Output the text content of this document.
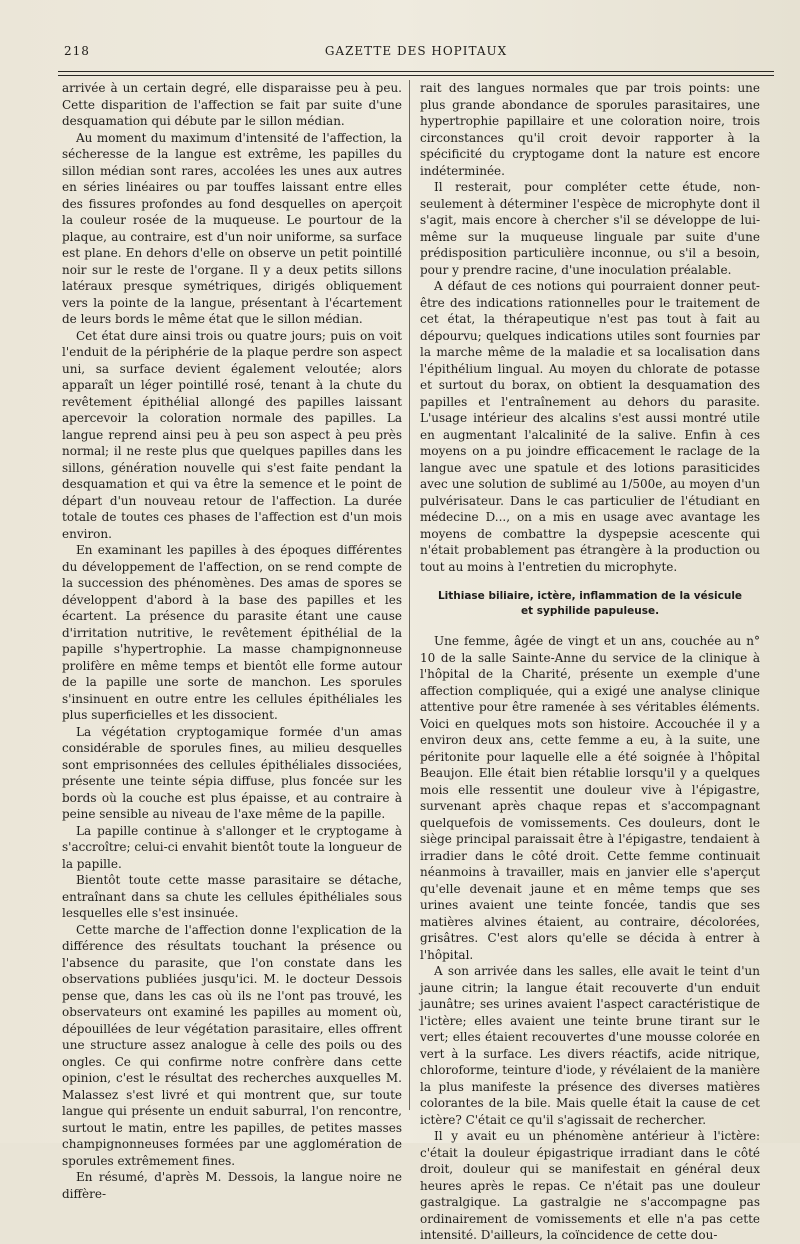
218	GAZETTE DES HOPITAUX

arrivée à un certain degré, elle disparaisse peu à peu. Cette disparition de l'affection se fait par suite d'une desquamation qui débute par le sillon médian.

Au moment du maximum d'intensité de l'affection, la sécheresse de la langue est extrême, les papilles du sillon médian sont rares, accolées les unes aux autres en séries linéaires ou par touffes laissant entre elles des fissures profondes au fond desquelles on aperçoit la couleur rosée de la muqueuse. Le pourtour de la plaque, au contraire, est d'un noir uniforme, sa surface est plane. En dehors d'elle on observe un petit pointillé noir sur le reste de l'organe. Il y a deux petits sillons latéraux presque symétriques, dirigés obliquement vers la pointe de la langue, présentant à l'écartement de leurs bords le même état que le sillon médian.

Cet état dure ainsi trois ou quatre jours; puis on voit l'enduit de la périphérie de la plaque perdre son aspect uni, sa surface devient également veloutée; alors apparaît un léger pointillé rosé, tenant à la chute du revêtement épithélial allongé des papilles laissant apercevoir la coloration normale des papilles. La langue reprend ainsi peu à peu son aspect à peu près normal; il ne reste plus que quelques papilles dans les sillons, génération nouvelle qui s'est faite pendant la desquamation et qui va être la semence et le point de départ d'un nouveau retour de l'affection. La durée totale de toutes ces phases de l'affection est d'un mois environ.

En examinant les papilles à des époques différentes du développement de l'affection, on se rend compte de la succession des phénomènes. Des amas de spores se développent d'abord à la base des papilles et les écartent. La présence du parasite étant une cause d'irritation nutritive, le revêtement épithélial de la papille s'hypertrophie. La masse champignonneuse prolifère en même temps et bientôt elle forme autour de la papille une sorte de manchon. Les sporules s'insinuent en outre entre les cellules épithéliales les plus superficielles et les dissocient.

La végétation cryptogamique formée d'un amas considérable de sporules fines, au milieu desquelles sont emprisonnées des cellules épithéliales dissociées, présente une teinte sépia diffuse, plus foncée sur les bords où la couche est plus épaisse, et au contraire à peine sensible au niveau de l'axe même de la papille.

La papille continue à s'allonger et le cryptogame à s'accroître; celui-ci envahit bientôt toute la longueur de la papille.

Bientôt toute cette masse parasitaire se détache, entraînant dans sa chute les cellules épithéliales sous lesquelles elle s'est insinuée.

Cette marche de l'affection donne l'explication de la différence des résultats touchant la présence ou l'absence du parasite, que l'on constate dans les observations publiées jusqu'ici. M. le docteur Dessois pense que, dans les cas où ils ne l'ont pas trouvé, les observateurs ont examiné les papilles au moment où, dépouillées de leur végétation parasitaire, elles offrent une structure assez analogue à celle des poils ou des ongles. Ce qui confirme notre confrère dans cette opinion, c'est le résultat des recherches auxquelles M. Malassez s'est livré et qui montrent que, sur toute langue qui présente un enduit saburral, l'on rencontre, surtout le matin, entre les papilles, de petites masses champignonneuses formées par une agglomération de sporules extrêmement fines.

En résumé, d'après M. Dessois, la langue noire ne diffère-

rait des langues normales que par trois points: une plus grande abondance de sporules parasitaires, une hypertrophie papillaire et une coloration noire, trois circonstances qu'il croit devoir rapporter à la spécificité du cryptogame dont la nature est encore indéterminée.

Il resterait, pour compléter cette étude, non-seulement à déterminer l'espèce de microphyte dont il s'agit, mais encore à chercher s'il se développe de lui-même sur la muqueuse linguale par suite d'une prédisposition particulière inconnue, ou s'il a besoin, pour y prendre racine, d'une inoculation préalable.

A défaut de ces notions qui pourraient donner peut-être des indications rationnelles pour le traitement de cet état, la thérapeutique n'est pas tout à fait au dépourvu; quelques indications utiles sont fournies par la marche même de la maladie et sa localisation dans l'épithélium lingual. Au moyen du chlorate de potasse et surtout du borax, on obtient la desquamation des papilles et l'entraînement au dehors du parasite. L'usage intérieur des alcalins s'est aussi montré utile en augmentant l'alcalinité de la salive. Enfin à ces moyens on a pu joindre efficacement le raclage de la langue avec une spatule et des lotions parasiticides avec une solution de sublimé au 1/500e, au moyen d'un pulvérisateur. Dans le cas particulier de l'étudiant en médecine D..., on a mis en usage avec avantage les moyens de combattre la dyspepsie acescente qui n'était probablement pas étrangère à la production ou tout au moins à l'entretien du microphyte.

Lithiase biliaire, ictère, inflammation de la vésicule
et syphilide papuleuse.

Une femme, âgée de vingt et un ans, couchée au n° 10 de la salle Sainte-Anne du service de la clinique à l'hôpital de la Charité, présente un exemple d'une affection compliquée, qui a exigé une analyse clinique attentive pour être ramenée à ses véritables éléments. Voici en quelques mots son histoire. Accouchée il y a environ deux ans, cette femme a eu, à la suite, une péritonite pour laquelle elle a été soignée à l'hôpital Beaujon. Elle était bien rétablie lorsqu'il y a quelques mois elle ressentit une douleur vive à l'épigastre, survenant après chaque repas et s'accompagnant quelquefois de vomissements. Ces douleurs, dont le siège principal paraissait être à l'épigastre, tendaient à irradier dans le côté droit. Cette femme continuait néanmoins à travailler, mais en janvier elle s'aperçut qu'elle devenait jaune et en même temps que ses urines avaient une teinte foncée, tandis que ses matières alvines étaient, au contraire, décolorées, grisâtres. C'est alors qu'elle se décida à entrer à l'hôpital.

A son arrivée dans les salles, elle avait le teint d'un jaune citrin; la langue était recouverte d'un enduit jaunâtre; ses urines avaient l'aspect caractéristique de l'ictère; elles avaient une teinte brune tirant sur le vert; elles étaient recouvertes d'une mousse colorée en vert à la surface. Les divers réactifs, acide nitrique, chloroforme, teinture d'iode, y révélaient de la manière la plus manifeste la présence des diverses matières colorantes de la bile. Mais quelle était la cause de cet ictère? C'était ce qu'il s'agissait de rechercher.

Il y avait eu un phénomène antérieur à l'ictère: c'était la douleur épigastrique irradiant dans le côté droit, douleur qui se manifestait en général deux heures après le repas. Ce n'était pas une douleur gastralgique. La gastralgie ne s'accompagne pas ordinairement de vomissements et elle n'a pas cette intensité. D'ailleurs, la coïncidence de cette dou-
